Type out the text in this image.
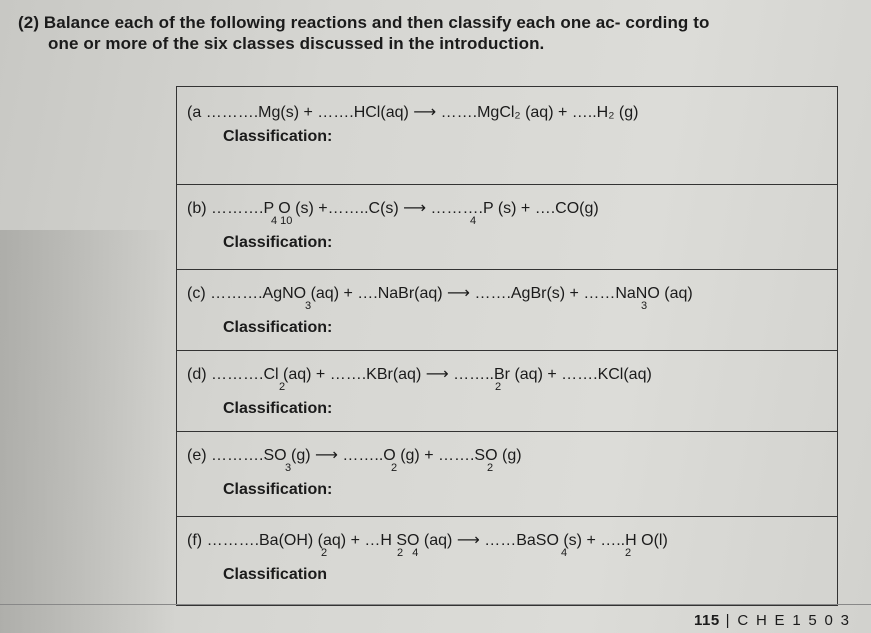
(2) Balance each of the following reactions and then classify each one ac- cording to
one or more of the six classes discussed in the introduction.
(a ……….Mg(s) + …….HCl(aq) ⟶ …….MgCl₂ (aq) + …..H₂ (g)
Classification:
(b) ……….P O (s) +……..C(s) ⟶ ……….P (s) + ….CO(g)
4 10	4
Classification:
(c) ……….AgNO (aq) + ….NaBr(aq) ⟶ …….AgBr(s) + ……NaNO (aq)
3	3
Classification:
(d) ……….Cl (aq) + …….KBr(aq) ⟶ ……..Br (aq) + …….KCl(aq)
2	2
Classification:
(e) ……….SO (g) ⟶ ……..O (g) + …….SO (g)
3	2	2
Classification:
(f) ……….Ba(OH) (aq) + …H SO (aq) ⟶ ……BaSO (s) + …..H O(l)
2	2   4	4	2
Classification
115 | C H E 1 5 0 3
